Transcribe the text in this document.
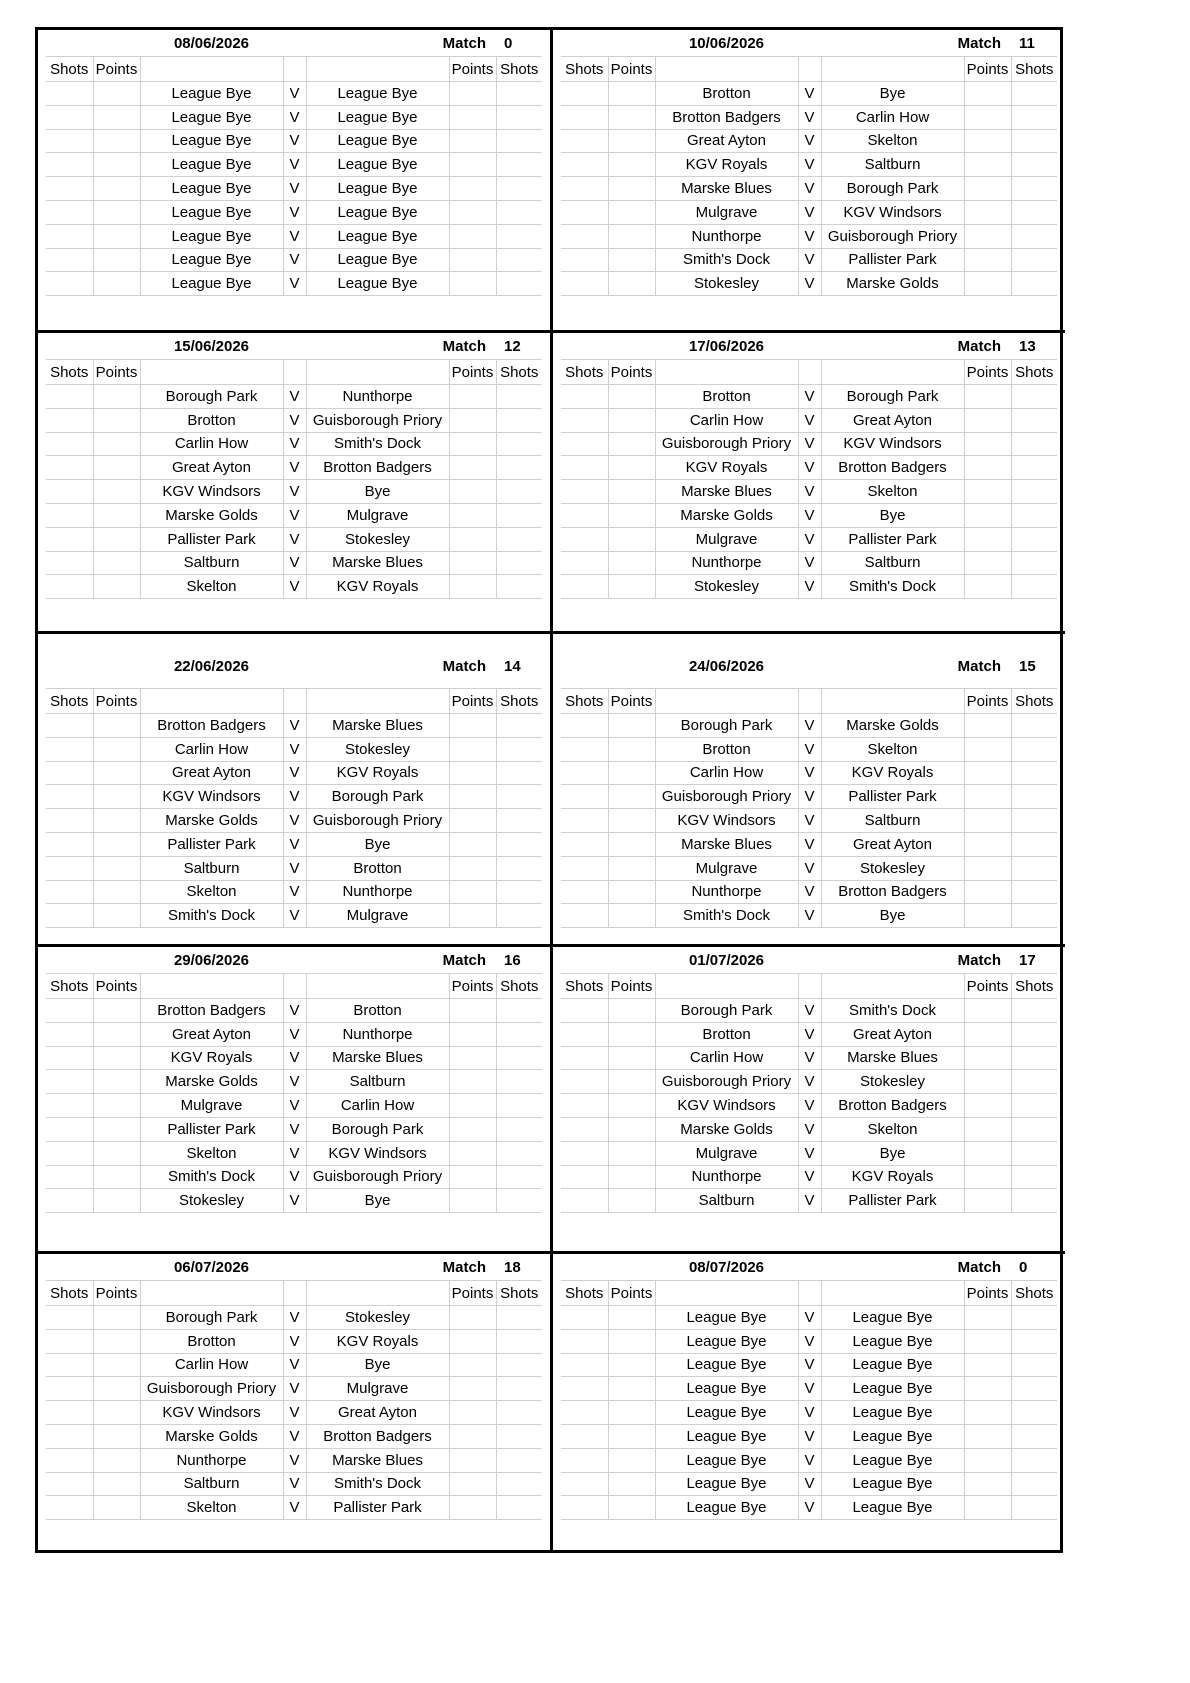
		08/06/2026		Match		0
Shots	Points				Points	Shots
		League Bye	V	League Bye		
		League Bye	V	League Bye		
		League Bye	V	League Bye		
		League Bye	V	League Bye		
		League Bye	V	League Bye		
		League Bye	V	League Bye		
		League Bye	V	League Bye		
		League Bye	V	League Bye		
		League Bye	V	League Bye		
		10/06/2026		Match		11
Shots	Points				Points	Shots
		Brotton	V	Bye		
		Brotton Badgers	V	Carlin How		
		Great Ayton	V	Skelton		
		KGV Royals	V	Saltburn		
		Marske Blues	V	Borough Park		
		Mulgrave	V	KGV Windsors		
		Nunthorpe	V	Guisborough Priory		
		Smith's Dock	V	Pallister Park		
		Stokesley	V	Marske Golds		
		15/06/2026		Match		12
Shots	Points				Points	Shots
		Borough Park	V	Nunthorpe		
		Brotton	V	Guisborough Priory		
		Carlin How	V	Smith's Dock		
		Great Ayton	V	Brotton Badgers		
		KGV Windsors	V	Bye		
		Marske Golds	V	Mulgrave		
		Pallister Park	V	Stokesley		
		Saltburn	V	Marske Blues		
		Skelton	V	KGV Royals		
		17/06/2026		Match		13
Shots	Points				Points	Shots
		Brotton	V	Borough Park		
		Carlin How	V	Great Ayton		
		Guisborough Priory	V	KGV Windsors		
		KGV Royals	V	Brotton Badgers		
		Marske Blues	V	Skelton		
		Marske Golds	V	Bye		
		Mulgrave	V	Pallister Park		
		Nunthorpe	V	Saltburn		
		Stokesley	V	Smith's Dock		
		22/06/2026		Match		14
Shots	Points				Points	Shots
		Brotton Badgers	V	Marske Blues		
		Carlin How	V	Stokesley		
		Great Ayton	V	KGV Royals		
		KGV Windsors	V	Borough Park		
		Marske Golds	V	Guisborough Priory		
		Pallister Park	V	Bye		
		Saltburn	V	Brotton		
		Skelton	V	Nunthorpe		
		Smith's Dock	V	Mulgrave		
		24/06/2026		Match		15
Shots	Points				Points	Shots
		Borough Park	V	Marske Golds		
		Brotton	V	Skelton		
		Carlin How	V	KGV Royals		
		Guisborough Priory	V	Pallister Park		
		KGV Windsors	V	Saltburn		
		Marske Blues	V	Great Ayton		
		Mulgrave	V	Stokesley		
		Nunthorpe	V	Brotton Badgers		
		Smith's Dock	V	Bye		
		29/06/2026		Match		16
Shots	Points				Points	Shots
		Brotton Badgers	V	Brotton		
		Great Ayton	V	Nunthorpe		
		KGV Royals	V	Marske Blues		
		Marske Golds	V	Saltburn		
		Mulgrave	V	Carlin How		
		Pallister Park	V	Borough Park		
		Skelton	V	KGV Windsors		
		Smith's Dock	V	Guisborough Priory		
		Stokesley	V	Bye		
		01/07/2026		Match		17
Shots	Points				Points	Shots
		Borough Park	V	Smith's Dock		
		Brotton	V	Great Ayton		
		Carlin How	V	Marske Blues		
		Guisborough Priory	V	Stokesley		
		KGV Windsors	V	Brotton Badgers		
		Marske Golds	V	Skelton		
		Mulgrave	V	Bye		
		Nunthorpe	V	KGV Royals		
		Saltburn	V	Pallister Park		
		06/07/2026		Match		18
Shots	Points				Points	Shots
		Borough Park	V	Stokesley		
		Brotton	V	KGV Royals		
		Carlin How	V	Bye		
		Guisborough Priory	V	Mulgrave		
		KGV Windsors	V	Great Ayton		
		Marske Golds	V	Brotton Badgers		
		Nunthorpe	V	Marske Blues		
		Saltburn	V	Smith's Dock		
		Skelton	V	Pallister Park		
		08/07/2026		Match		0
Shots	Points				Points	Shots
		League Bye	V	League Bye		
		League Bye	V	League Bye		
		League Bye	V	League Bye		
		League Bye	V	League Bye		
		League Bye	V	League Bye		
		League Bye	V	League Bye		
		League Bye	V	League Bye		
		League Bye	V	League Bye		
		League Bye	V	League Bye		
